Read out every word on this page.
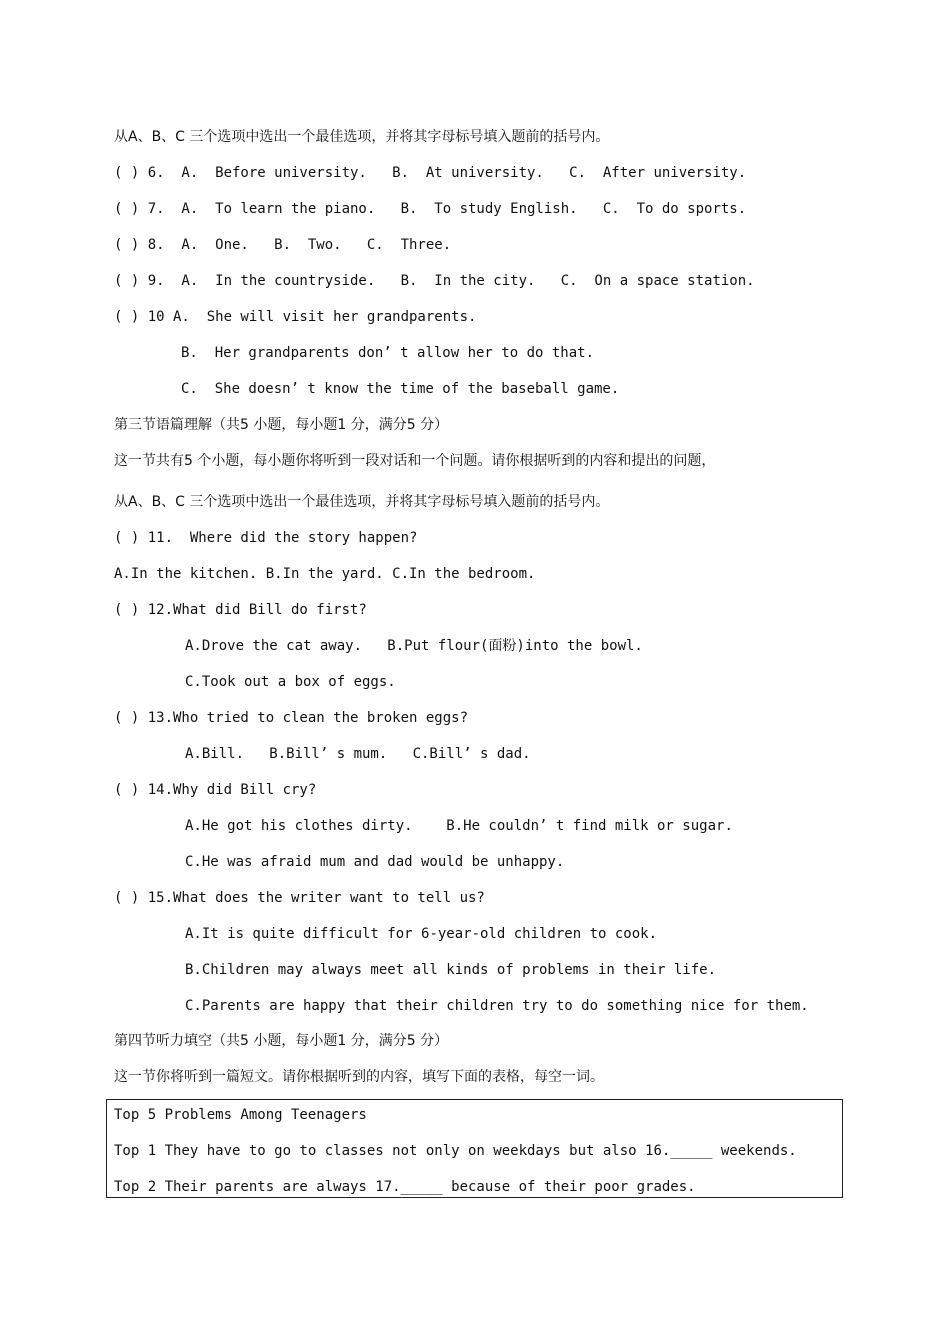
从A、B、C 三个选项中选出一个最佳选项，并将其字母标号填入题前的括号内。
( ) 6.  A.  Before university.   B.  At university.   C.  After university.
( ) 7.  A.  To learn the piano.   B.  To study English.   C.  To do sports.
( ) 8.  A.  One.   B.  Two.   C.  Three.
( ) 9.  A.  In the countryside.   B.  In the city.   C.  On a space station.
( ) 10 A.  She will visit her grandparents.
B.  Her grandparents don’ t allow her to do that.
C.  She doesn’ t know the time of the baseball game.
第三节语篇理解（共5 小题，每小题1 分，满分5 分）
这一节共有5 个小题，每小题你将听到一段对话和一个问题。请你根据听到的内容和提出的问题，
从A、B、C 三个选项中选出一个最佳选项，并将其字母标号填入题前的括号内。
( ) 11.  Where did the story happen?
A.In the kitchen. B.In the yard. C.In the bedroom.
( ) 12.What did Bill do first?
A.Drove the cat away.   B.Put flour(面粉)into the bowl.
C.Took out a box of eggs.
( ) 13.Who tried to clean the broken eggs?
A.Bill.   B.Bill’ s mum.   C.Bill’ s dad.
( ) 14.Why did Bill cry?
A.He got his clothes dirty.    B.He couldn’ t find milk or sugar.
C.He was afraid mum and dad would be unhappy.
( ) 15.What does the writer want to tell us?
A.It is quite difficult for 6-year-old children to cook.
B.Children may always meet all kinds of problems in their life.
C.Parents are happy that their children try to do something nice for them.
第四节听力填空（共5 小题，每小题1 分，满分5 分）
这一节你将听到一篇短文。请你根据听到的内容，填写下面的表格，每空一词。
Top 5 Problems Among Teenagers
Top 1 They have to go to classes not only on weekdays but also 16._____ weekends.
Top 2 Their parents are always 17._____ because of their poor grades.
